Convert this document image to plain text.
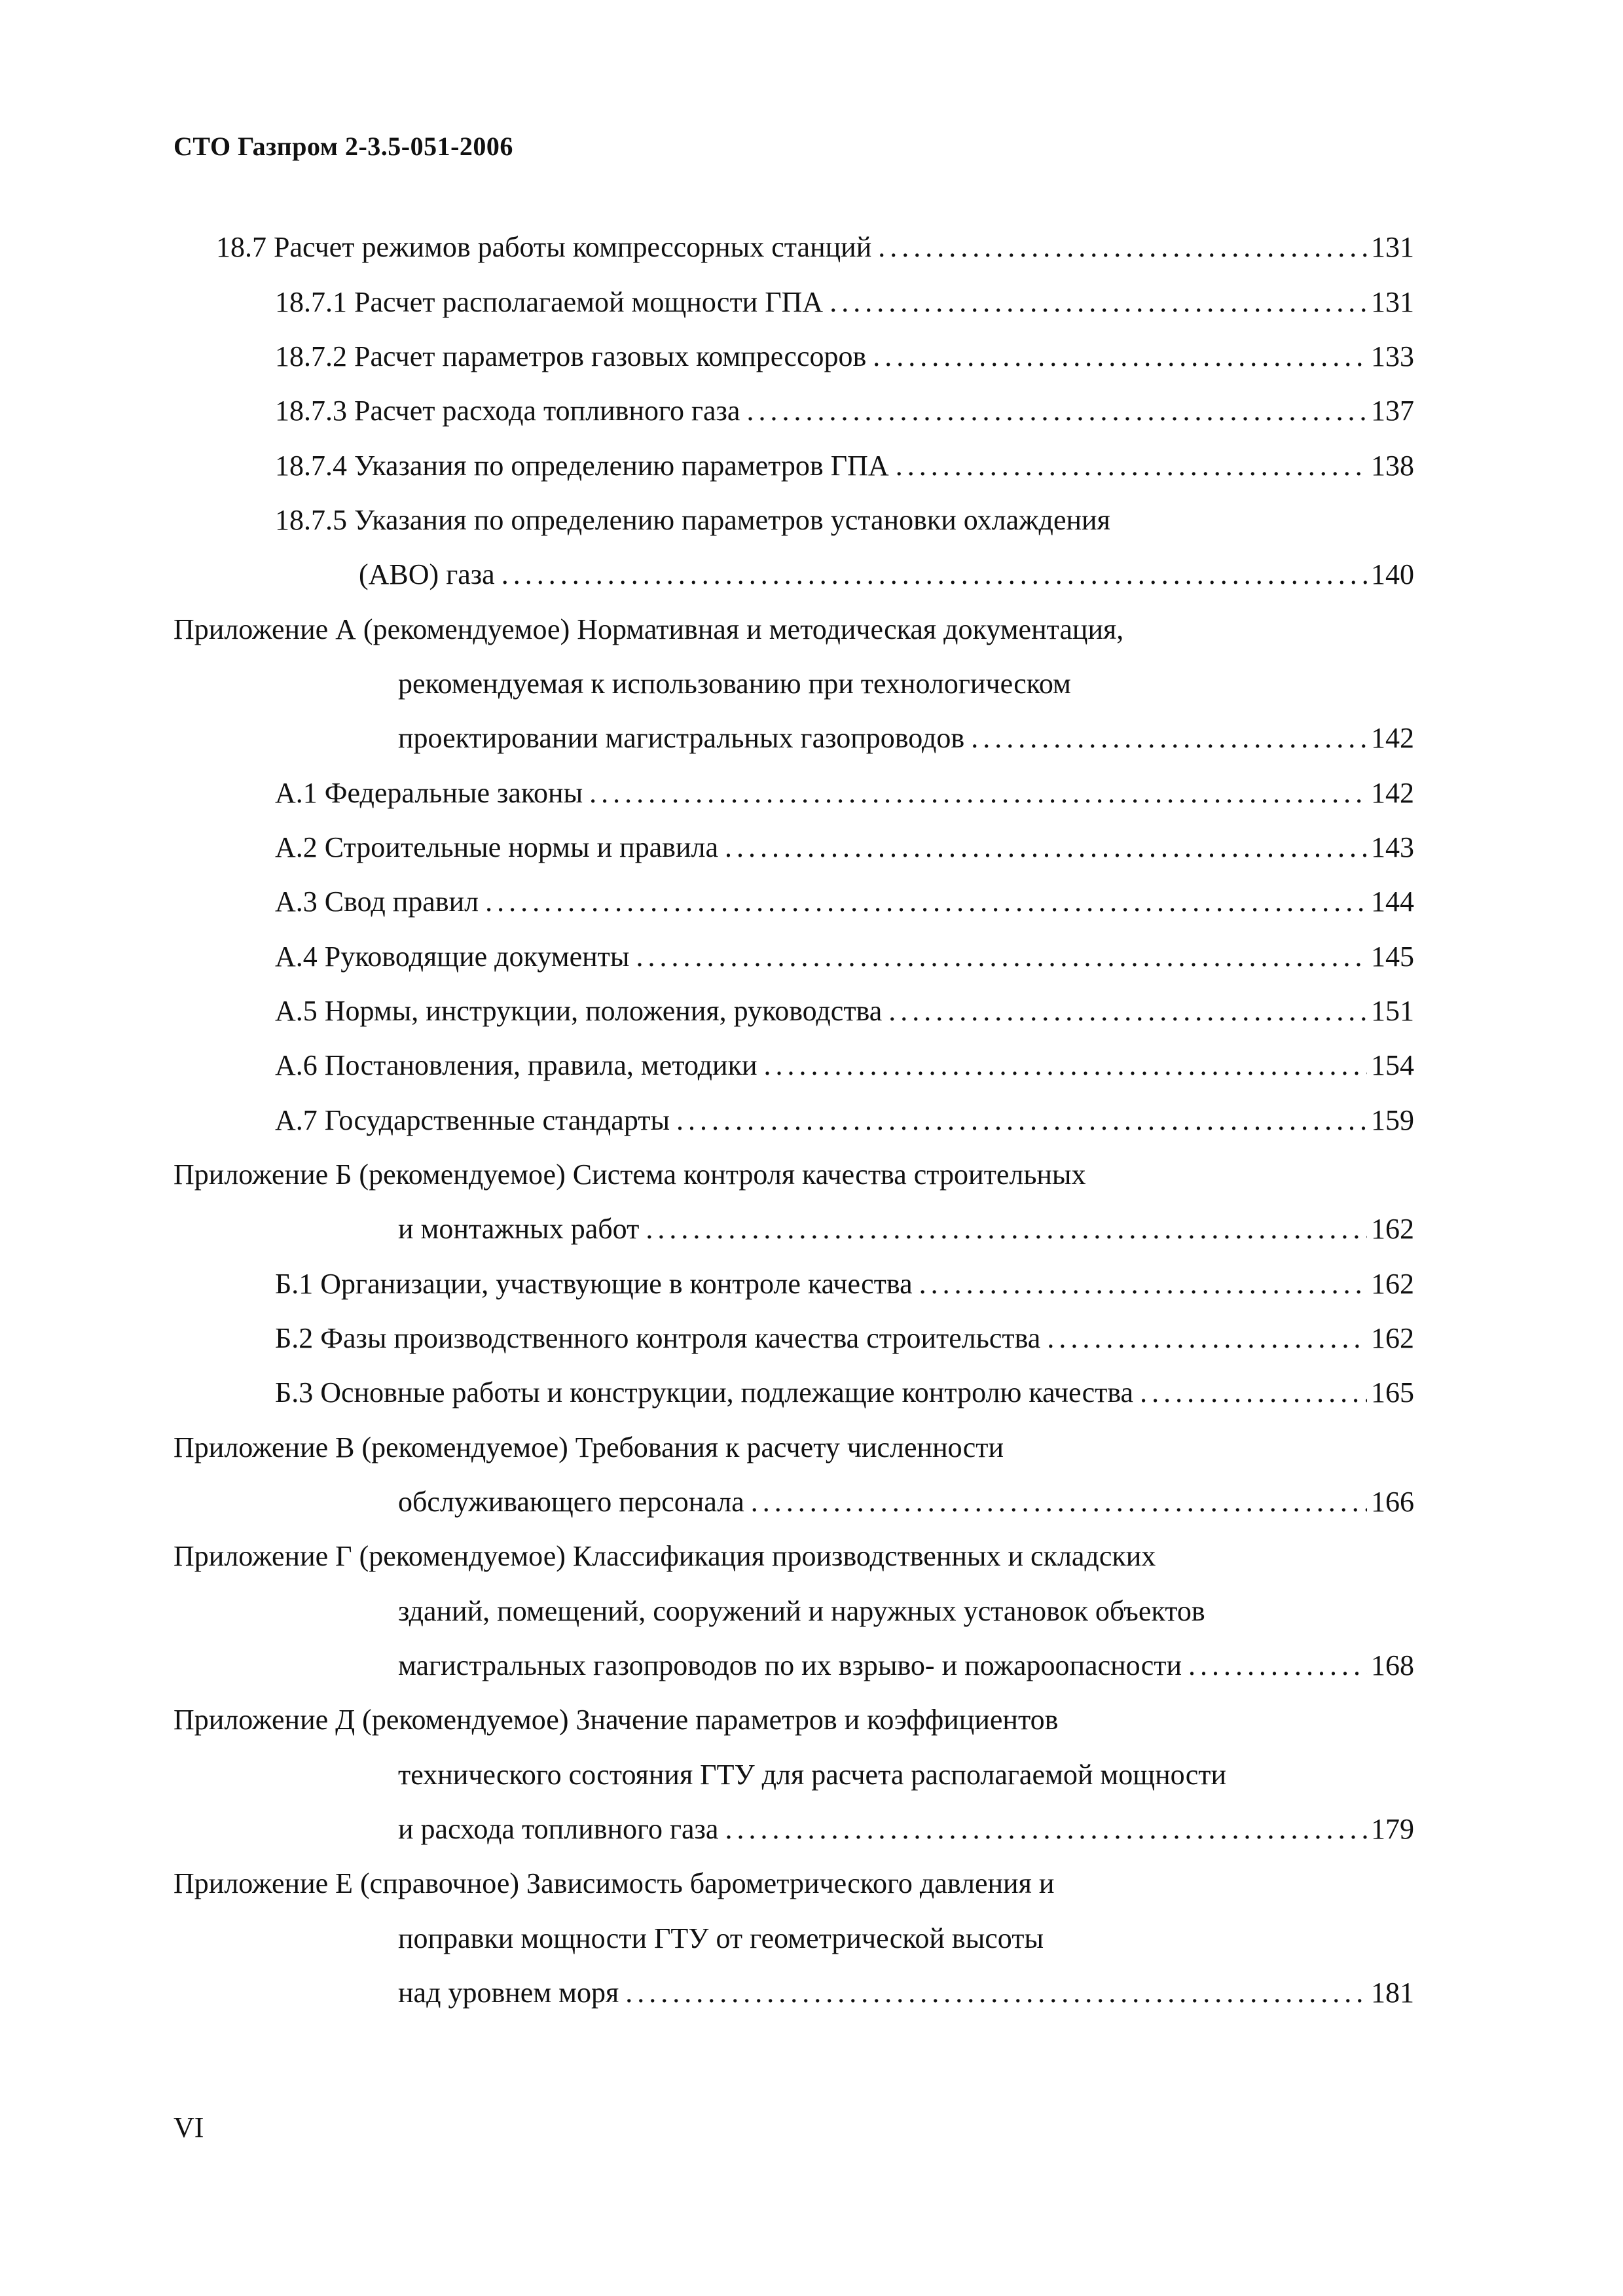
СТО Газпром 2-3.5-051-2006
18.7 Расчет режимов работы компрессорных станций . . .	131
18.7.1 Расчет располагаемой мощности ГПА . . .	131
18.7.2 Расчет параметров газовых компрессоров . . .	133
18.7.3 Расчет расхода топливного газа . . .	137
18.7.4 Указания по определению параметров ГПА . . .	138
18.7.5 Указания по определению параметров установки охлаждения
(АВО) газа . . .	140
Приложение А (рекомендуемое) Нормативная и методическая документация,
рекомендуемая к использованию при технологическом
проектировании магистральных газопроводов . . .	142
А.1 Федеральные законы . . .	142
А.2 Строительные нормы и правила . . .	143
А.3 Свод правил . . .	144
А.4 Руководящие документы . . .	145
А.5 Нормы, инструкции, положения, руководства . . .	151
А.6 Постановления, правила, методики . . .	154
А.7 Государственные стандарты . . .	159
Приложение Б (рекомендуемое) Система контроля качества строительных
и монтажных работ . . .	162
Б.1 Организации, участвующие в контроле качества . . .	162
Б.2 Фазы производственного контроля качества строительства . . .	162
Б.3 Основные работы и конструкции, подлежащие контролю качества . . .	165
Приложение В (рекомендуемое) Требования к расчету численности
обслуживающего персонала . . .	166
Приложение Г (рекомендуемое) Классификация производственных и складских
зданий, помещений, сооружений и наружных установок объектов
магистральных газопроводов по их взрыво- и пожароопасности . . .	168
Приложение Д (рекомендуемое) Значение параметров и коэффициентов
технического состояния ГТУ для расчета располагаемой мощности
и расхода топливного газа . . .	179
Приложение Е (справочное) Зависимость барометрического давления и
поправки мощности ГТУ от геометрической высоты
над уровнем моря . . .	181
VI
